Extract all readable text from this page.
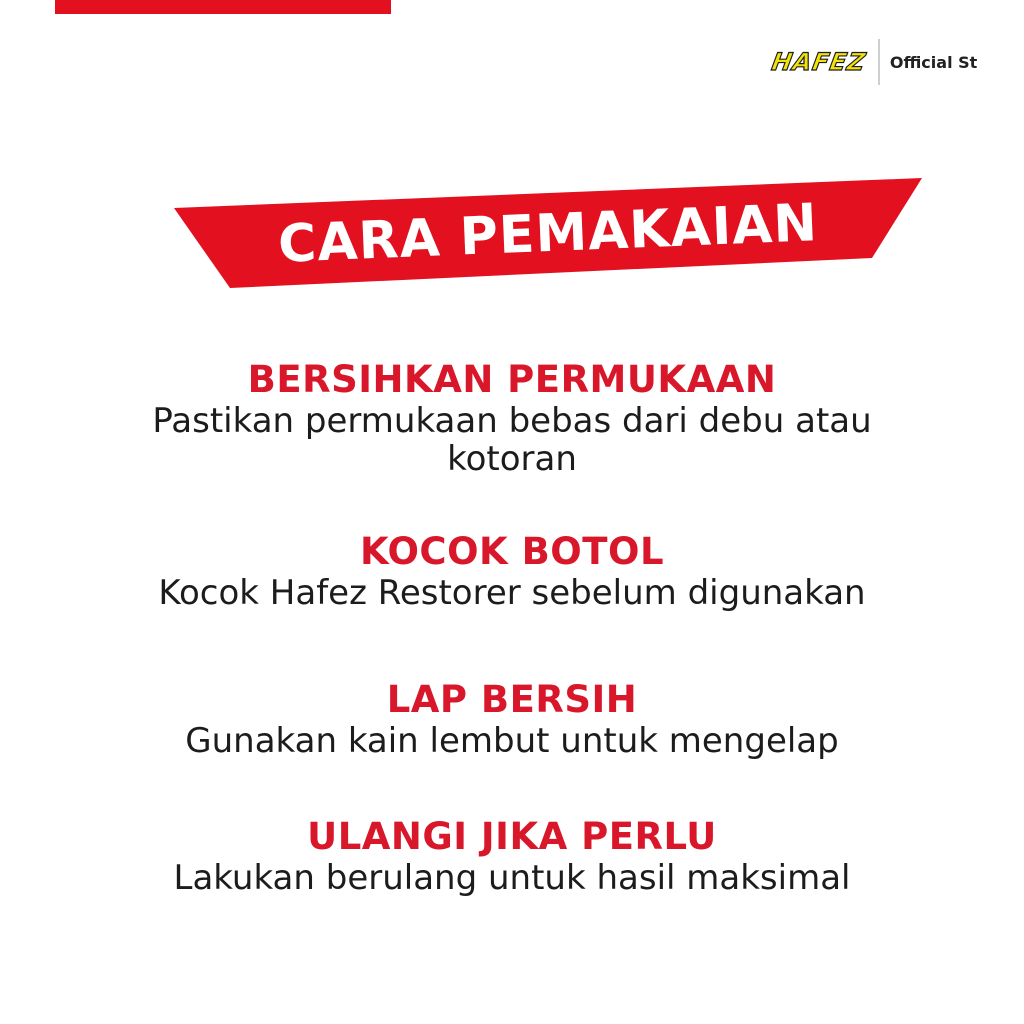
HAFEZ Official St
CARA PEMAKAIAN
BERSIHKAN PERMUKAAN
Pastikan permukaan bebas dari debu atau kotoran
KOCOK BOTOL
Kocok Hafez Restorer sebelum digunakan
LAP BERSIH
Gunakan kain lembut untuk mengelap
ULANGI JIKA PERLU
Lakukan berulang untuk hasil maksimal
